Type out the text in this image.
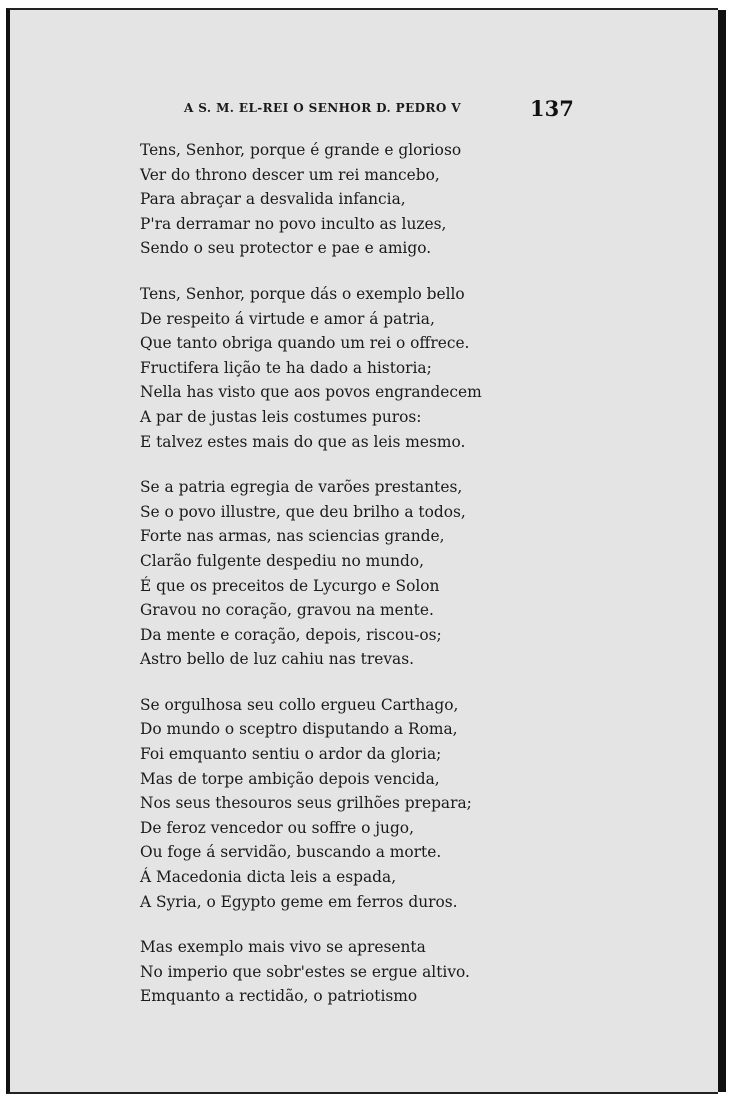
A S. M. EL-REI O SENHOR D. PEDRO V	137
Tens, Senhor, porque é grande e glorioso
Ver do throno descer um rei mancebo,
Para abraçar a desvalida infancia,
P'ra derramar no povo inculto as luzes,
Sendo o seu protector e pae e amigo.
Tens, Senhor, porque dás o exemplo bello
De respeito á virtude e amor á patria,
Que tanto obriga quando um rei o offrece.
Fructifera lição te ha dado a historia;
Nella has visto que aos povos engrandecem
A par de justas leis costumes puros:
E talvez estes mais do que as leis mesmo.
Se a patria egregia de varões prestantes,
Se o povo illustre, que deu brilho a todos,
Forte nas armas, nas sciencias grande,
Clarão fulgente despediu no mundo,
É que os preceitos de Lycurgo e Solon
Gravou no coração, gravou na mente.
Da mente e coração, depois, riscou-os;
Astro bello de luz cahiu nas trevas.
Se orgulhosa seu collo ergueu Carthago,
Do mundo o sceptro disputando a Roma,
Foi emquanto sentiu o ardor da gloria;
Mas de torpe ambição depois vencida,
Nos seus thesouros seus grilhões prepara;
De feroz vencedor ou soffre o jugo,
Ou foge á servidão, buscando a morte.
Á Macedonia dicta leis a espada,
A Syria, o Egypto geme em ferros duros.
Mas exemplo mais vivo se apresenta
No imperio que sobr'estes se ergue altivo.
Emquanto a rectidão, o patriotismo
